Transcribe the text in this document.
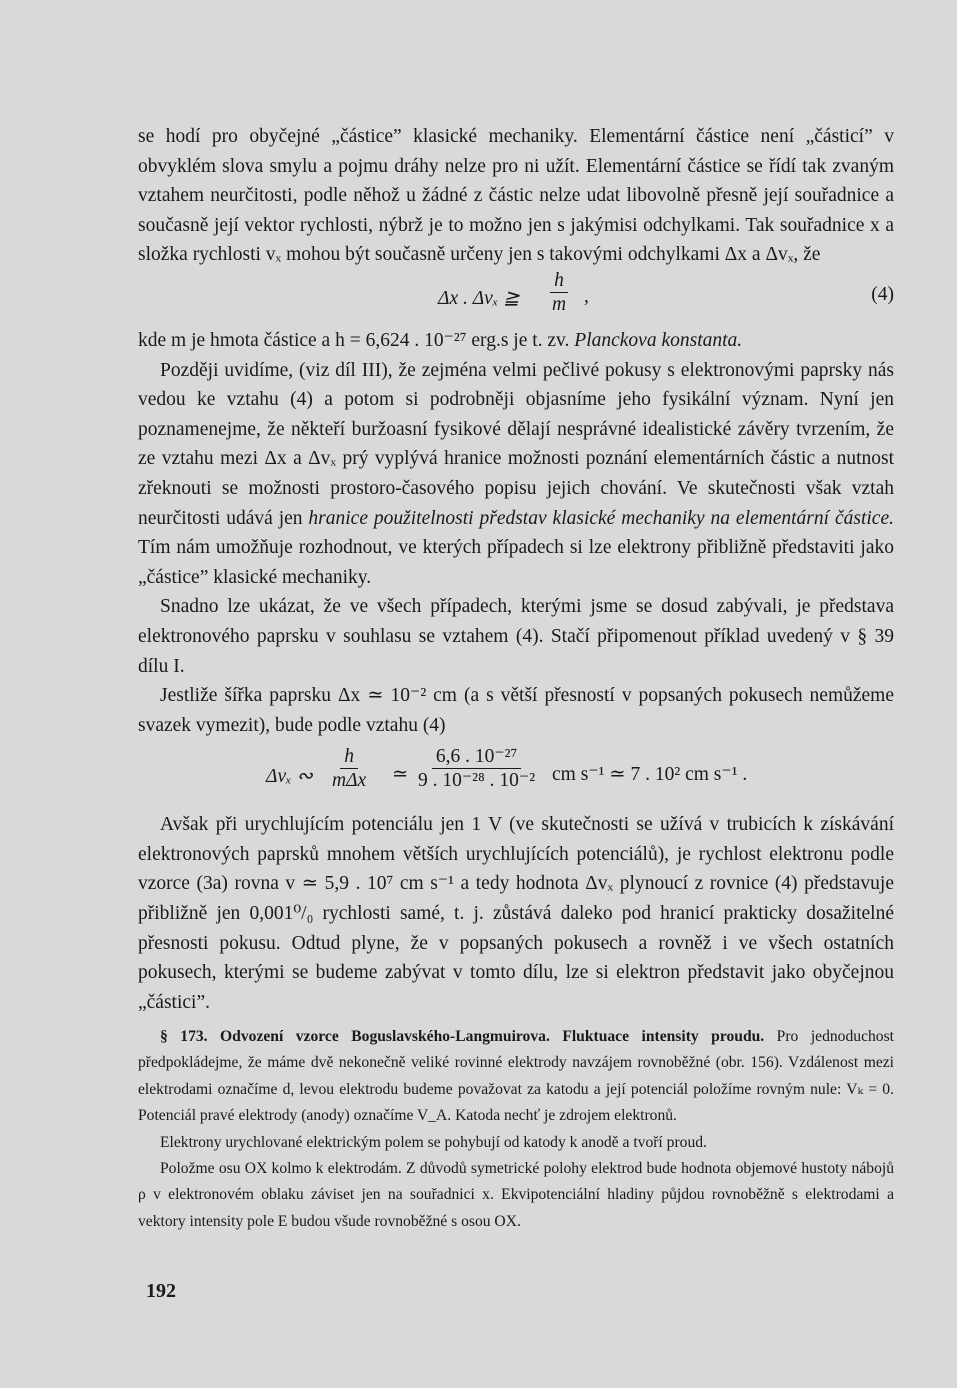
se hodí pro obyčejné „částice” klasické mechaniky. Elementární částice není „částicí” v obvyklém slova smylu a pojmu dráhy nelze pro ni užít. Elementární částice se řídí tak zvaným vztahem neurčitosti, podle něhož u žádné z částic nelze udat libovolně přesně její souřadnice a současně její vektor rychlosti, nýbrž je to možno jen s jakýmisi odchylkami. Tak souřadnice x a složka rychlosti vₓ mohou být současně určeny jen s takovými odchylkami Δx a Δvₓ, že

Δx . Δvₓ ≧ $\frac{h}{m}$ ,	(4)

kde m je hmota částice a h = 6,624 . 10⁻²⁷ erg.s je t. zv. Planckova konstanta.

Později uvidíme, (viz díl III), že zejména velmi pečlivé pokusy s elektronovými paprsky nás vedou ke vztahu (4) a potom si podrobněji objasníme jeho fysikální význam. Nyní jen poznamenejme, že někteří buržoasní fysikové dělají nesprávné idealistické závěry tvrzením, že ze vztahu mezi Δx a Δvₓ prý vyplývá hranice možnosti poznání elementárních částic a nutnost zřeknouti se možnosti prostoro-časového popisu jejich chování. Ve skutečnosti však vztah neurčitosti udává jen hranice použitelnosti představ klasické mechaniky na elementární částice. Tím nám umožňuje rozhodnout, ve kterých případech si lze elektrony přibližně představiti jako „částice” klasické mechaniky.

Snadno lze ukázat, že ve všech případech, kterými jsme se dosud zabývali, je představa elektronového paprsku v souhlasu se vztahem (4). Stačí připomenout příklad uvedený v § 39 dílu I.

Jestliže šířka paprsku Δx ≃ 10⁻² cm (a s větší přesností v popsaných pokusech nemůžeme svazek vymezit), bude podle vztahu (4)

Δvₓ ∾
h
mΔx ≃ $\frac{\text{6,6 . 10⁻²⁷}}{\text{9 . 10⁻²⁸ . 10⁻²}}$ cm s⁻¹ ≃ 7 . 10² cm s⁻¹ .

Avšak při urychlujícím potenciálu jen 1 V (ve skutečnosti se užívá v trubicích k získávání elektronových paprsků mnohem větších urychlujících potenciálů), je rychlost elektronu podle vzorce (3a) rovna v ≃ 5,9 . 10⁷ cm s⁻¹ a tedy hodnota Δvₓ plynoucí z rovnice (4) představuje přibližně jen 0,001⁰/₀ rychlosti samé, t. j. zůstává daleko pod hranicí prakticky dosažitelné přesnosti pokusu. Odtud plyne, že v popsaných pokusech a rovněž i ve všech ostatních pokusech, kterými se budeme zabývat v tomto dílu, lze si elektron představit jako obyčejnou „částici”.

§ 173. Odvození vzorce Boguslavského-Langmuirova. Fluktuace intensity proudu. Pro jednoduchost předpokládejme, že máme dvě nekonečně veliké rovinné elektrody navzájem rovnoběžné (obr. 156). Vzdálenost mezi elektrodami označíme d, levou elektrodu budeme považovat za katodu a její potenciál položíme rovným nule: Vₖ = 0. Potenciál pravé elektrody (anody) označíme V_A. Katoda nechť je zdrojem elektronů.

Elektrony urychlované elektrickým polem se pohybují od katody k anodě a tvoří proud.

Položme osu OX kolmo k elektrodám. Z důvodů symetrické polohy elektrod bude hodnota objemové hustoty nábojů ρ v elektronovém oblaku záviset jen na souřadnici x. Ekvipotenciální hladiny půjdou rovnoběžně s elektrodami a vektory intensity pole E budou všude rovnoběžné s osou OX.

192
